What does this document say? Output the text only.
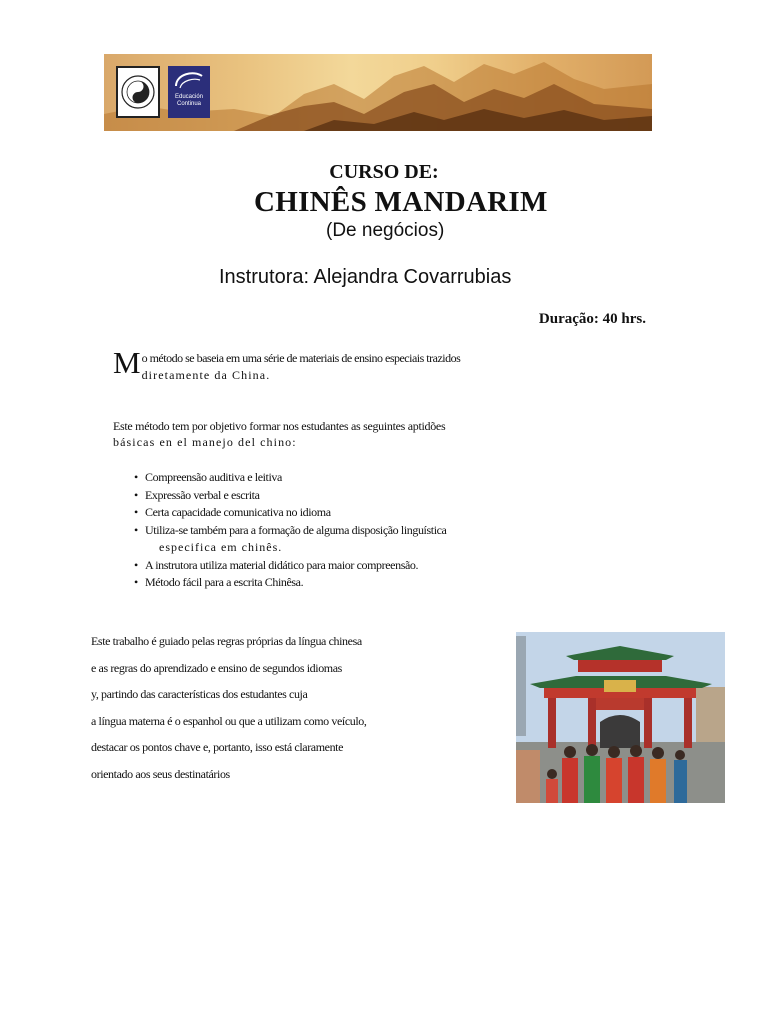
Educación Continua
CURSO DE:
CHINÊS MANDARIM
(De negócios)
Instrutora: Alejandra Covarrubias
Duração: 40 hrs.
Mo método se baseia em uma série de materiais de ensino especiais trazidos
diretamente da China.
Este método tem por objetivo formar nos estudantes as seguintes aptidões
básicas en el manejo del chino:
• Compreensão auditiva e leitiva
• Expressão verbal e escrita
• Certa capacidade comunicativa no idioma
• Utiliza-se também para a formação de alguma disposição linguística
especifica em chinês.
• A instrutora utiliza material didático para maior compreensão.
• Método fácil para a escrita Chinêsa.
Este trabalho é guiado pelas regras próprias da língua chinesa
e as regras do aprendizado e ensino de segundos idiomas
y, partindo das características dos estudantes cuja
a língua materna é o espanhol ou que a utilizam como veículo,
destacar os pontos chave e, portanto, isso está claramente
orientado aos seus destinatários
